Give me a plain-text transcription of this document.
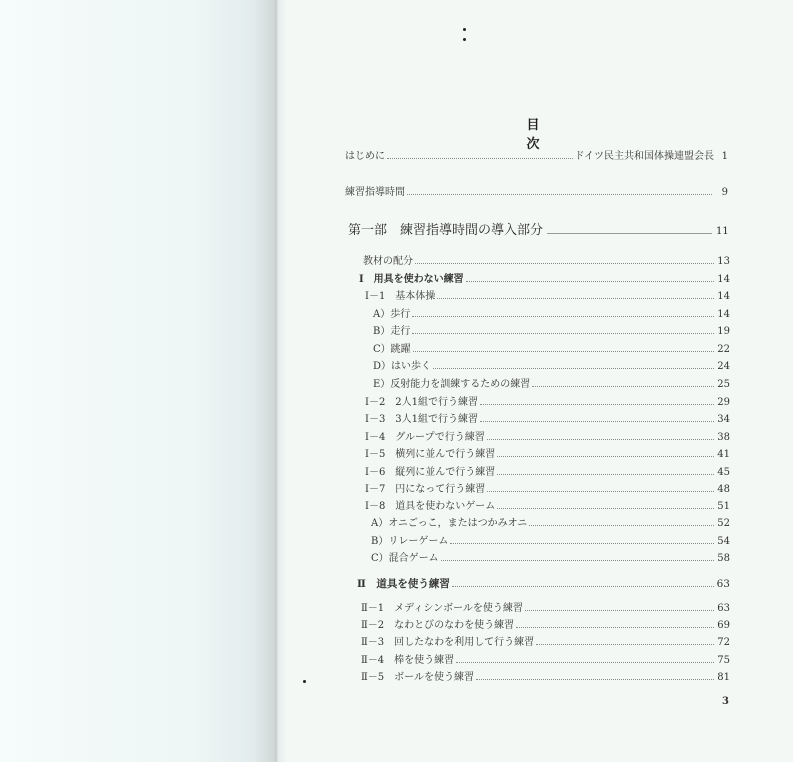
目　次
はじめに	ドイツ民主共和国体操連盟会長 1
練習指導時間	9
第一部　練習指導時間の導入部分	11
教材の配分	13
Ⅰ　用具を使わない練習	14
Ⅰ－1　基本体操	14
A）歩行	14
B）走行	19
C）跳躍	22
D）はい歩く	24
E）反射能力を訓練するための練習	25
Ⅰ－2　2人1組で行う練習	29
Ⅰ－3　3人1組で行う練習	34
Ⅰ－4　グループで行う練習	38
Ⅰ－5　横列に並んで行う練習	41
Ⅰ－6　縦列に並んで行う練習	45
Ⅰ－7　円になって行う練習	48
Ⅰ－8　道具を使わないゲーム	51
A）オニごっこ，またはつかみオニ	52
B）リレーゲーム	54
C）混合ゲーム	58
Ⅱ　道具を使う練習	63
Ⅱ－1　メディシンボールを使う練習	63
Ⅱ－2　なわとびのなわを使う練習	69
Ⅱ－3　回したなわを利用して行う練習	72
Ⅱ－4　棒を使う練習	75
Ⅱ－5　ボールを使う練習	81
3
